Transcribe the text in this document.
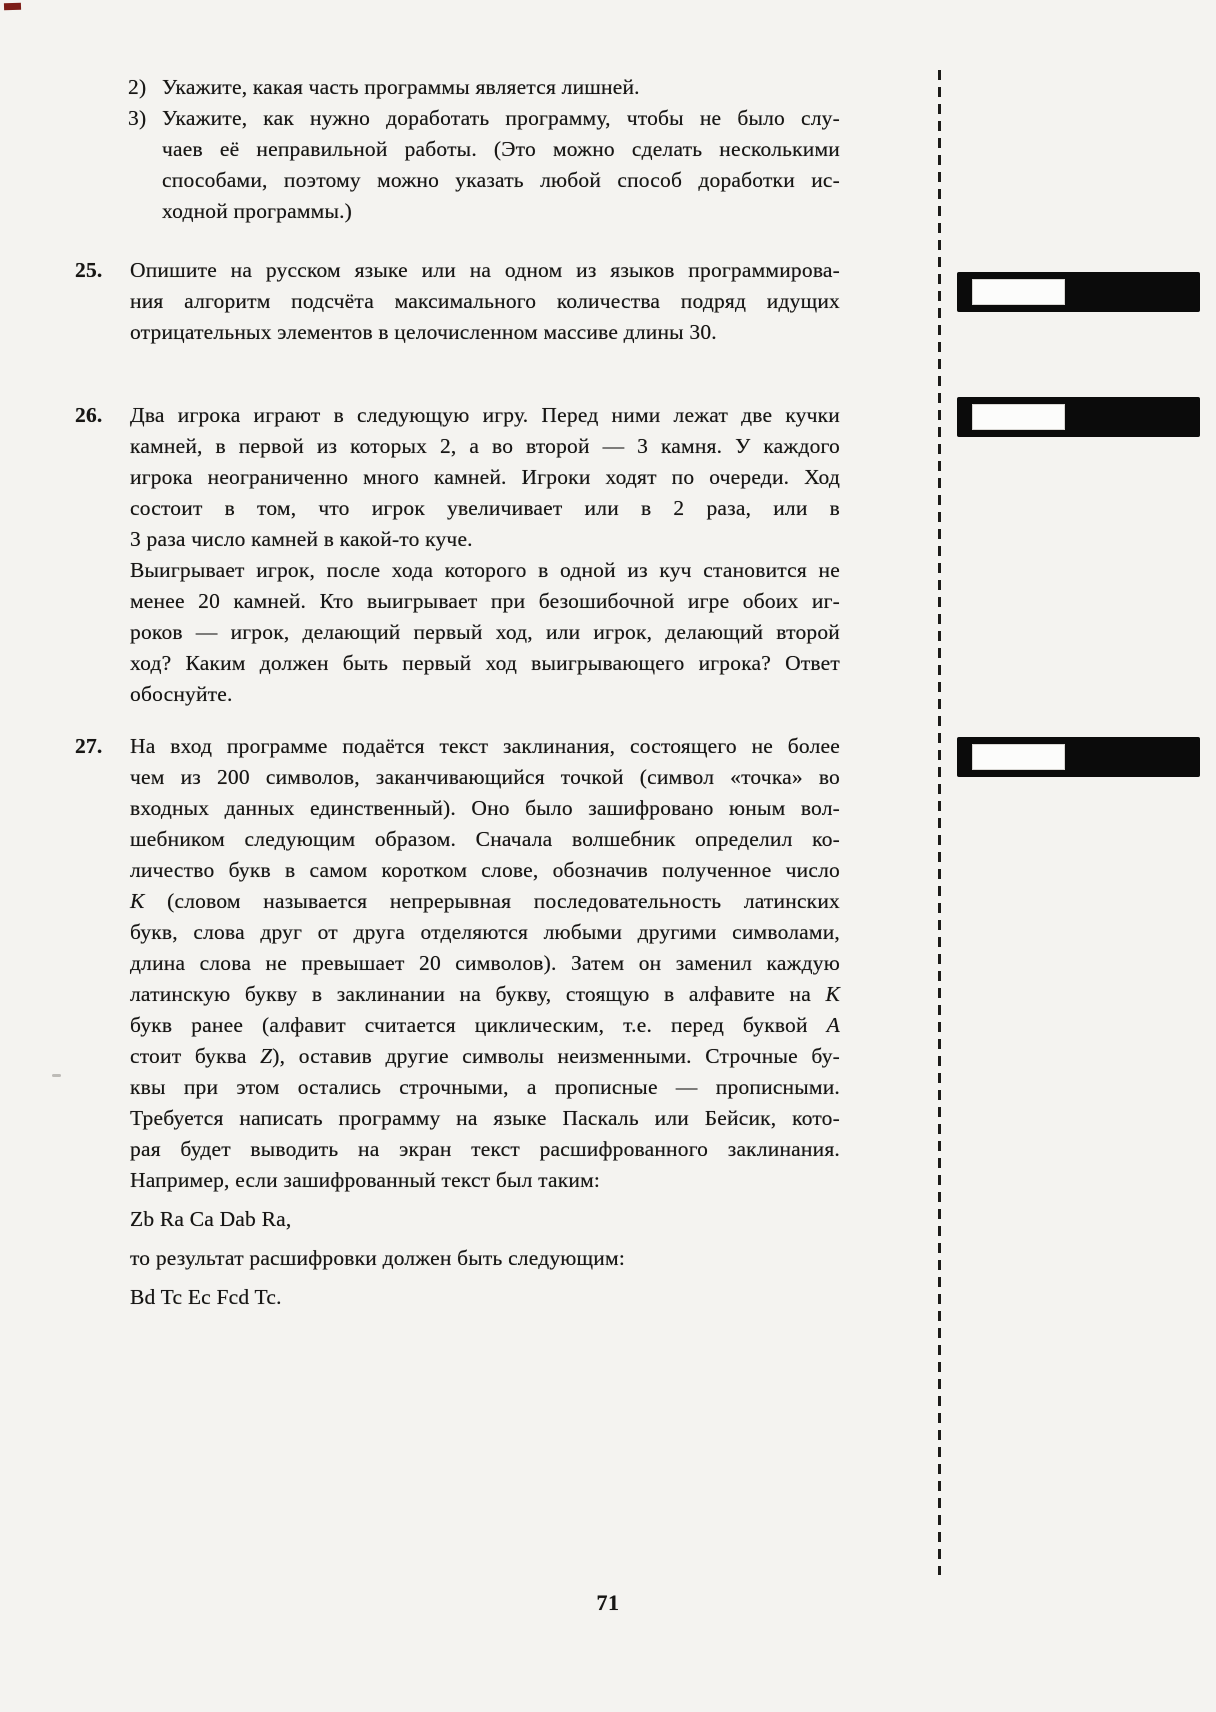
2) Укажите, какая часть программы является лишней.
3) Укажите, как нужно доработать программу, чтобы не было слу-
чаев её неправильной работы. (Это можно сделать несколькими
способами, поэтому можно указать любой способ доработки ис-
ходной программы.)
25.	Опишите на русском языке или на одном из языков программирова-
ния алгоритм подсчёта максимального количества подряд идущих
отрицательных элементов в целочисленном массиве длины 30.
26.	Два игрока играют в следующую игру. Перед ними лежат две кучки
камней, в первой из которых 2, а во второй — 3 камня. У каждого
игрока неограниченно много камней. Игроки ходят по очереди. Ход
состоит в том, что игрок увеличивает или в 2 раза, или в
3 раза число камней в какой-то куче.
Выигрывает игрок, после хода которого в одной из куч становится не
менее 20 камней. Кто выигрывает при безошибочной игре обоих иг-
роков — игрок, делающий первый ход, или игрок, делающий второй
ход? Каким должен быть первый ход выигрывающего игрока? Ответ
обоснуйте.
27.	На вход программе подаётся текст заклинания, состоящего не более
чем из 200 символов, заканчивающийся точкой (символ «точка» во
входных данных единственный). Оно было зашифровано юным вол-
шебником следующим образом. Сначала волшебник определил ко-
личество букв в самом коротком слове, обозначив полученное число
K (словом называется непрерывная последовательность латинских
букв, слова друг от друга отделяются любыми другими символами,
длина слова не превышает 20 символов). Затем он заменил каждую
латинскую букву в заклинании на букву, стоящую в алфавите на K
букв ранее (алфавит считается циклическим, т.е. перед буквой A
стоит буква Z), оставив другие символы неизменными. Строчные бу-
квы при этом остались строчными, а прописные — прописными.
Требуется написать программу на языке Паскаль или Бейсик, кото-
рая будет выводить на экран текст расшифрованного заклинания.
Например, если зашифрованный текст был таким:
Zb Ra Ca Dab Ra,
то результат расшифровки должен быть следующим:
Bd Tc Ec Fcd Tc.
71
